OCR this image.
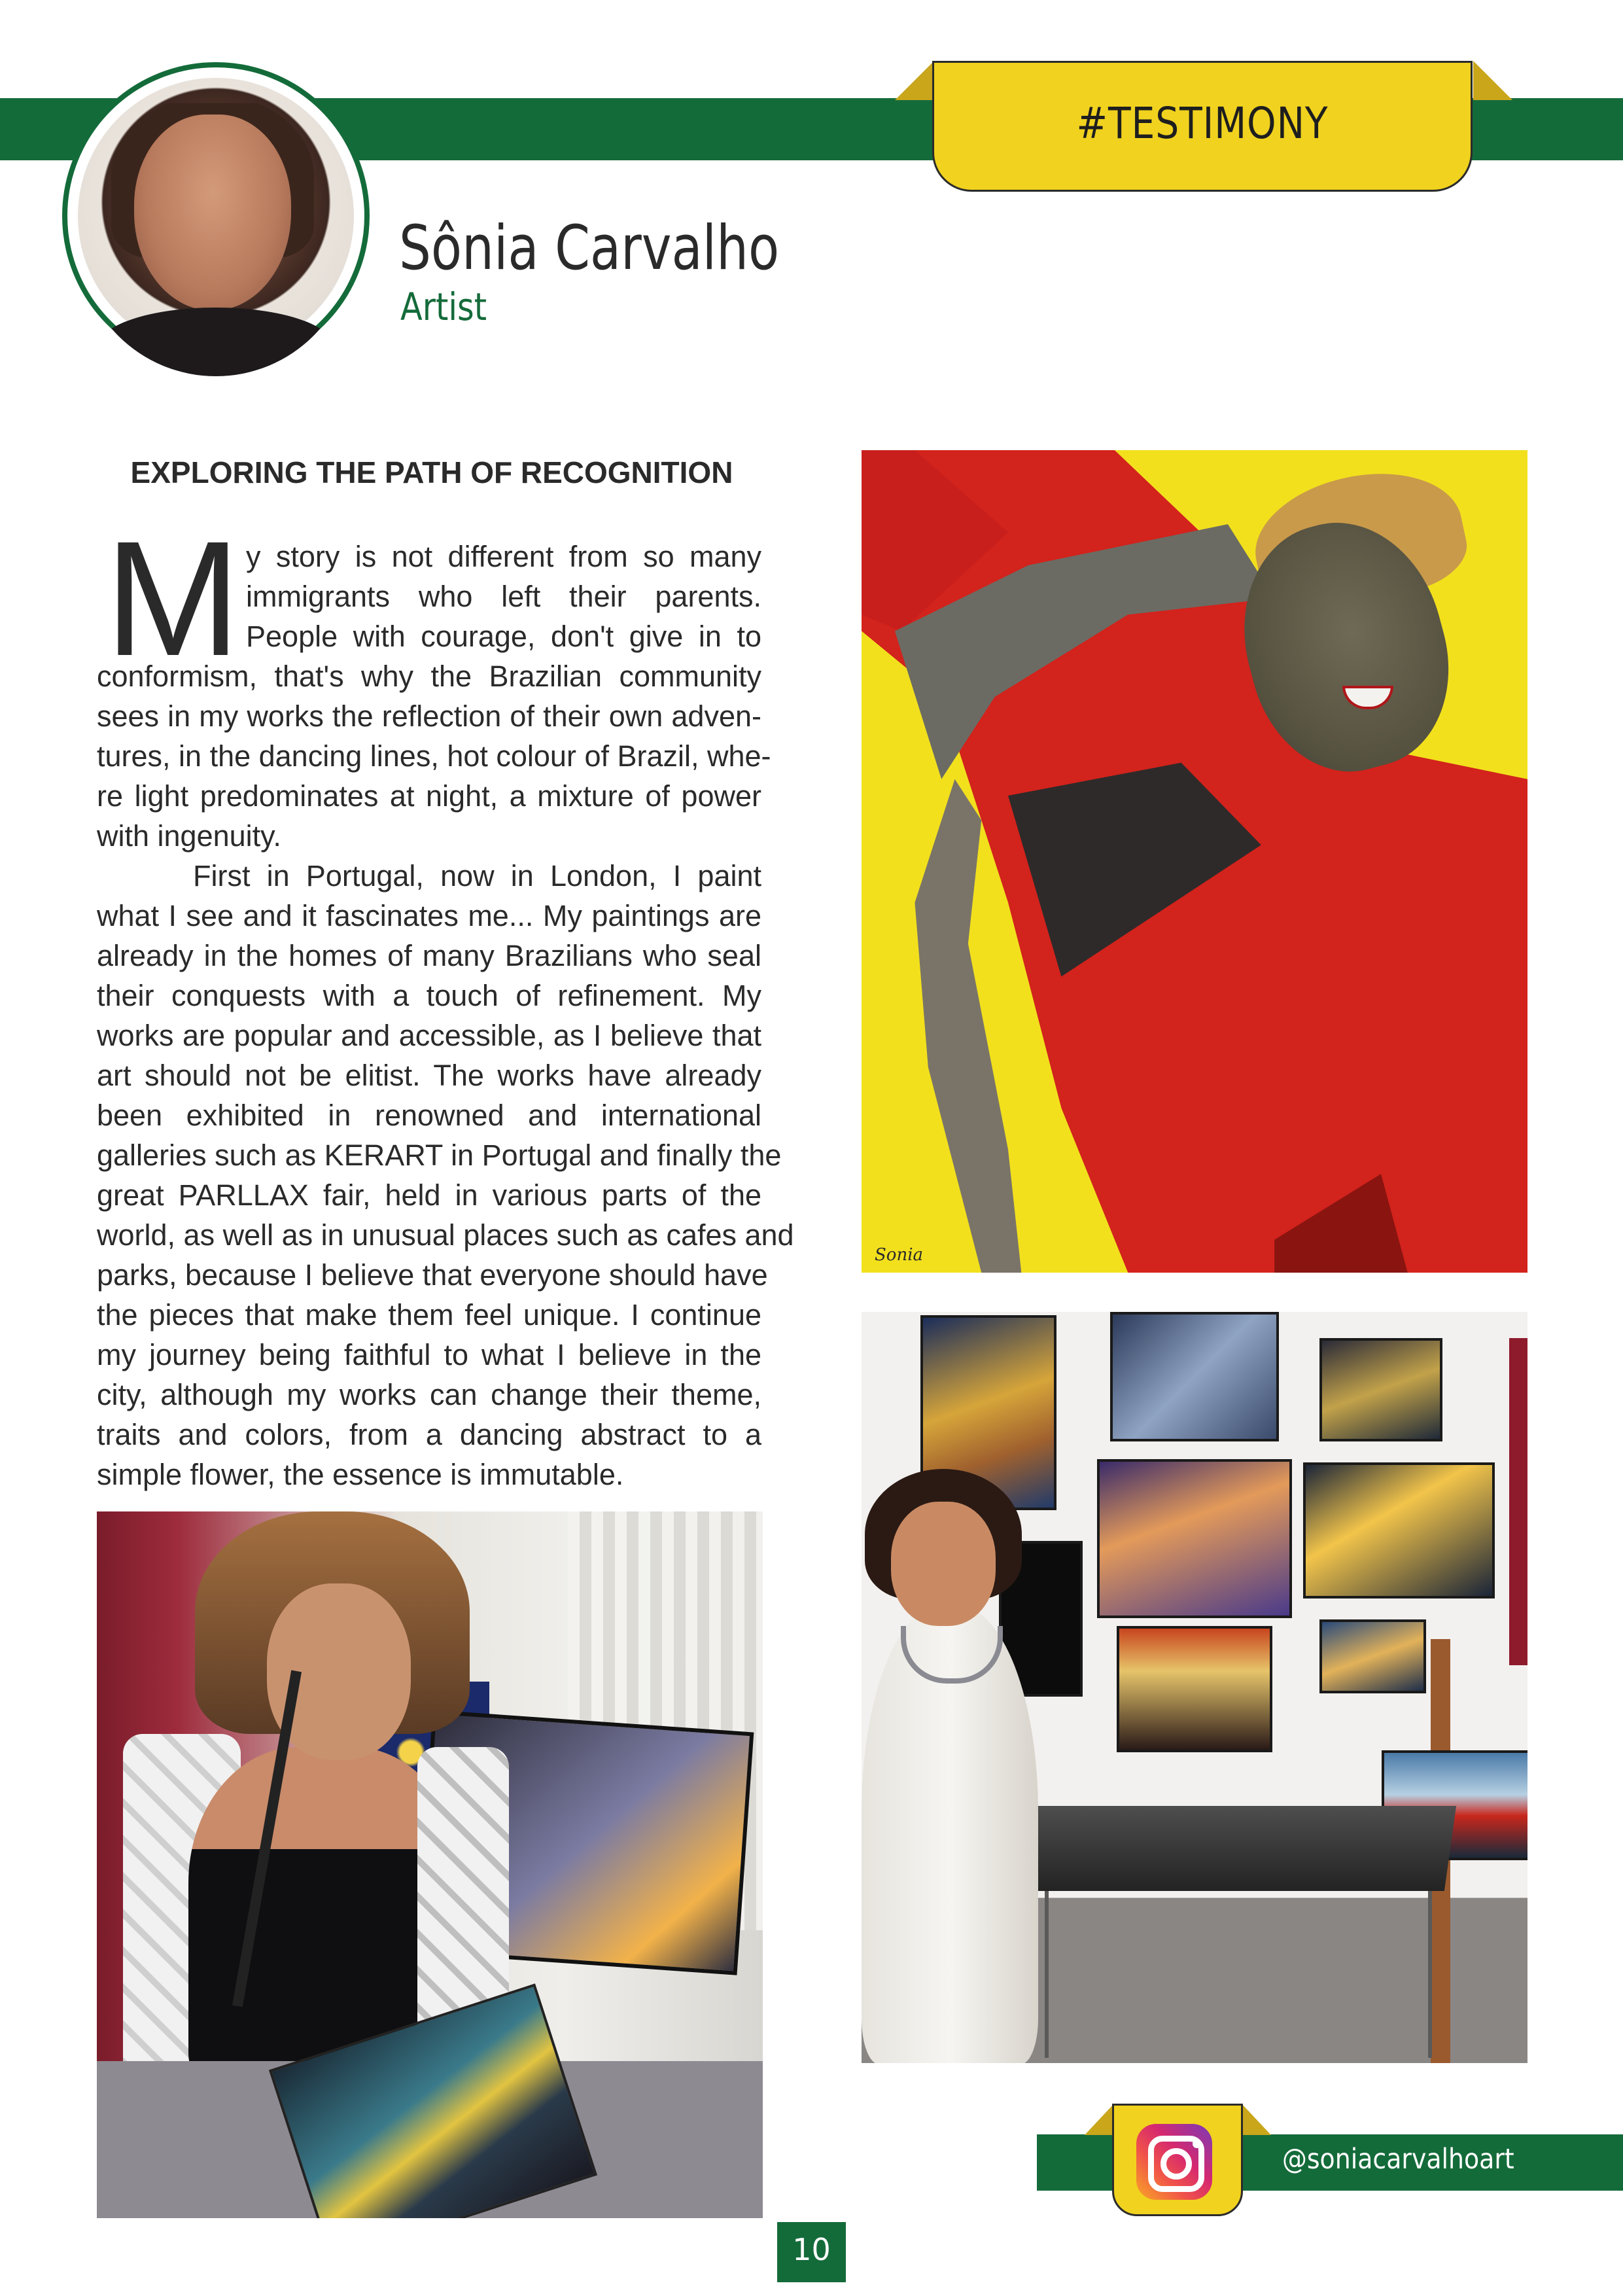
#TESTIMONY
Sônia Carvalho
Artist
EXPLORING THE PATH OF RECOGNITION
M y story is not different from so many
immigrants who left their parents.
People with courage, don't give in to
conformism, that's why the Brazilian community
sees in my works the reflection of their own adven-
tures, in the dancing lines, hot colour of Brazil, whe-
re light predominates at night, a mixture of power
with ingenuity.
First in Portugal, now in London, I paint
what I see and it fascinates me... My paintings are
already in the homes of many Brazilians who seal
their conquests with a touch of refinement. My
works are popular and accessible, as I believe that
art should not be elitist. The works have already
been exhibited in renowned and international
galleries such as KERART in Portugal and finally the
great PARLLAX fair, held in various parts of the
world, as well as in unusual places such as cafes and
parks, because I believe that everyone should have
the pieces that make them feel unique. I continue
my journey being faithful to what I believe in the
city, although my works can change their theme,
traits and colors, from a dancing abstract to a
simple flower, the essence is immutable.
Sonia
@soniacarvalhoart
10
